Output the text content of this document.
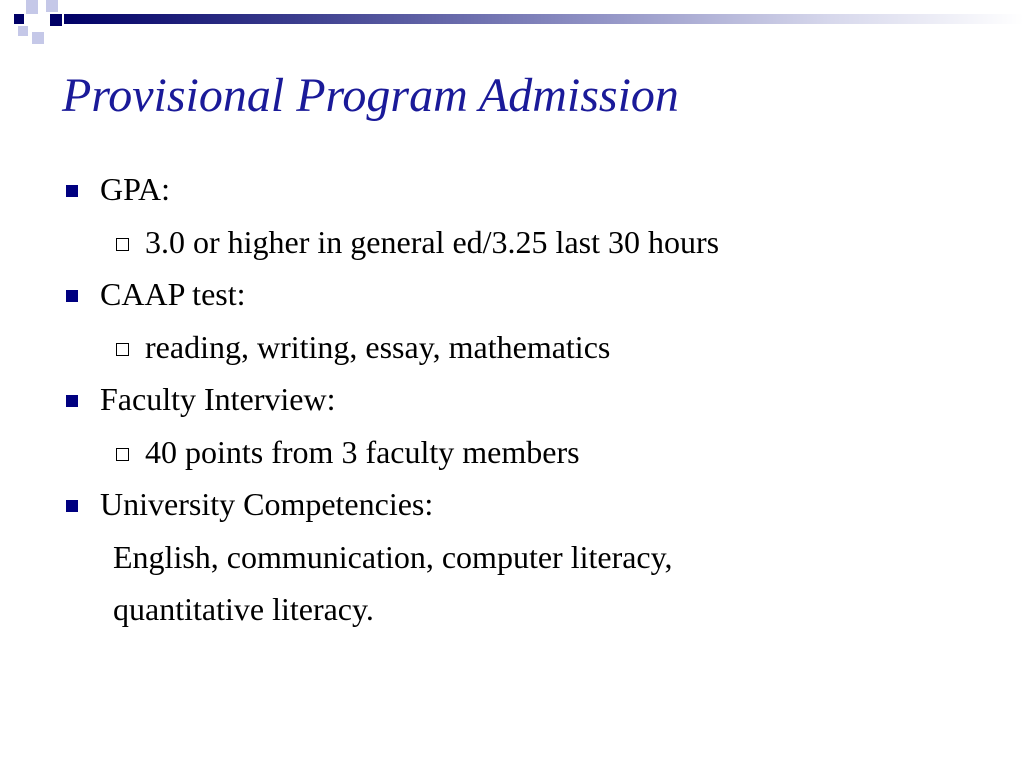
Provisional Program Admission
GPA:
3.0 or higher in general ed/3.25 last 30 hours
CAAP test:
reading, writing, essay, mathematics
Faculty Interview:
40 points from 3 faculty members
University Competencies:
English, communication, computer literacy,
quantitative literacy.
